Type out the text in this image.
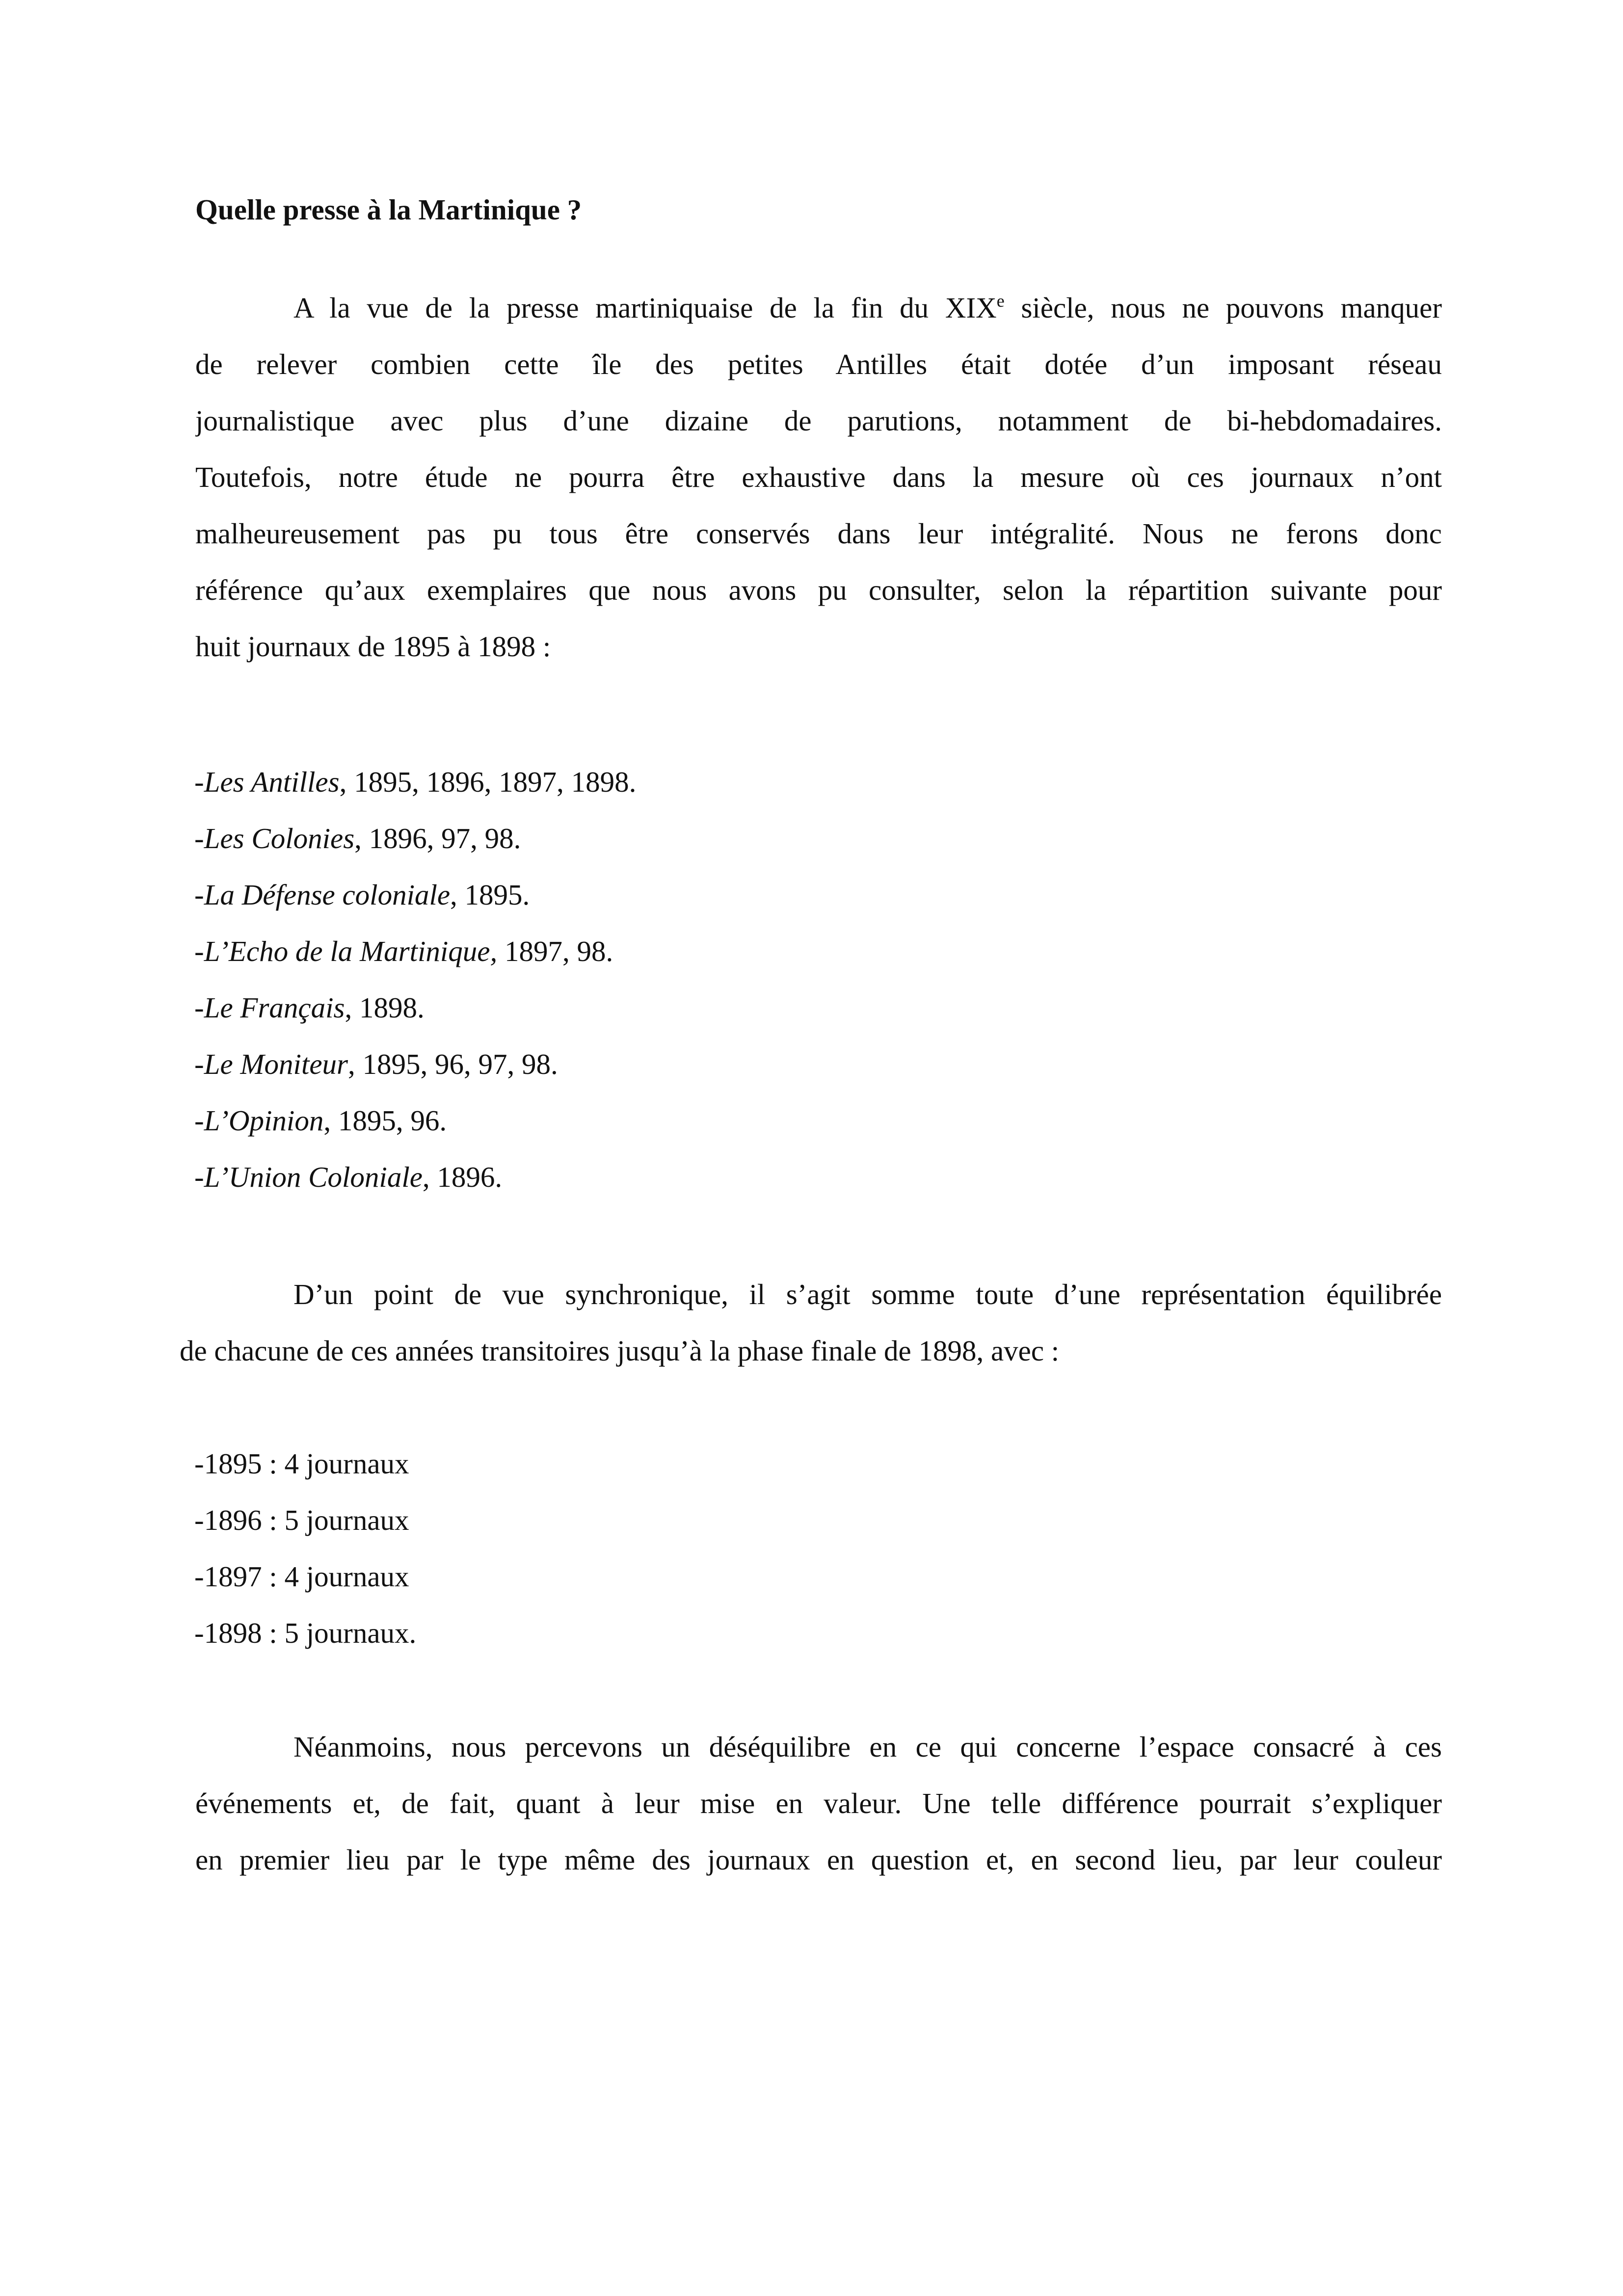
Quelle presse à la Martinique ?
A la vue de la presse martiniquaise de la fin du XIXe siècle, nous ne pouvons manquer
de relever combien cette île des petites Antilles était dotée d’un imposant réseau
journalistique avec plus d’une dizaine de parutions, notamment de bi-hebdomadaires.
Toutefois, notre étude ne pourra être exhaustive dans la mesure où ces journaux n’ont
malheureusement pas pu tous être conservés dans leur intégralité. Nous ne ferons donc
référence qu’aux exemplaires que nous avons pu consulter, selon la répartition suivante pour
huit journaux de 1895 à 1898 :
-Les Antilles, 1895, 1896, 1897, 1898.
-Les Colonies, 1896, 97, 98.
-La Défense coloniale, 1895.
-L’Echo de la Martinique, 1897, 98.
-Le Français, 1898.
-Le Moniteur, 1895, 96, 97, 98.
-L’Opinion, 1895, 96.
-L’Union Coloniale, 1896.
D’un point de vue synchronique, il s’agit somme toute d’une représentation équilibrée
de chacune de ces années transitoires jusqu’à la phase finale de 1898, avec :
-1895 : 4 journaux
-1896 : 5 journaux
-1897 : 4 journaux
-1898 : 5 journaux.
Néanmoins, nous percevons un déséquilibre en ce qui concerne l’espace consacré à ces
événements et, de fait, quant à leur mise en valeur. Une telle différence pourrait s’expliquer
en premier lieu par le type même des journaux en question et, en second lieu, par leur couleur
